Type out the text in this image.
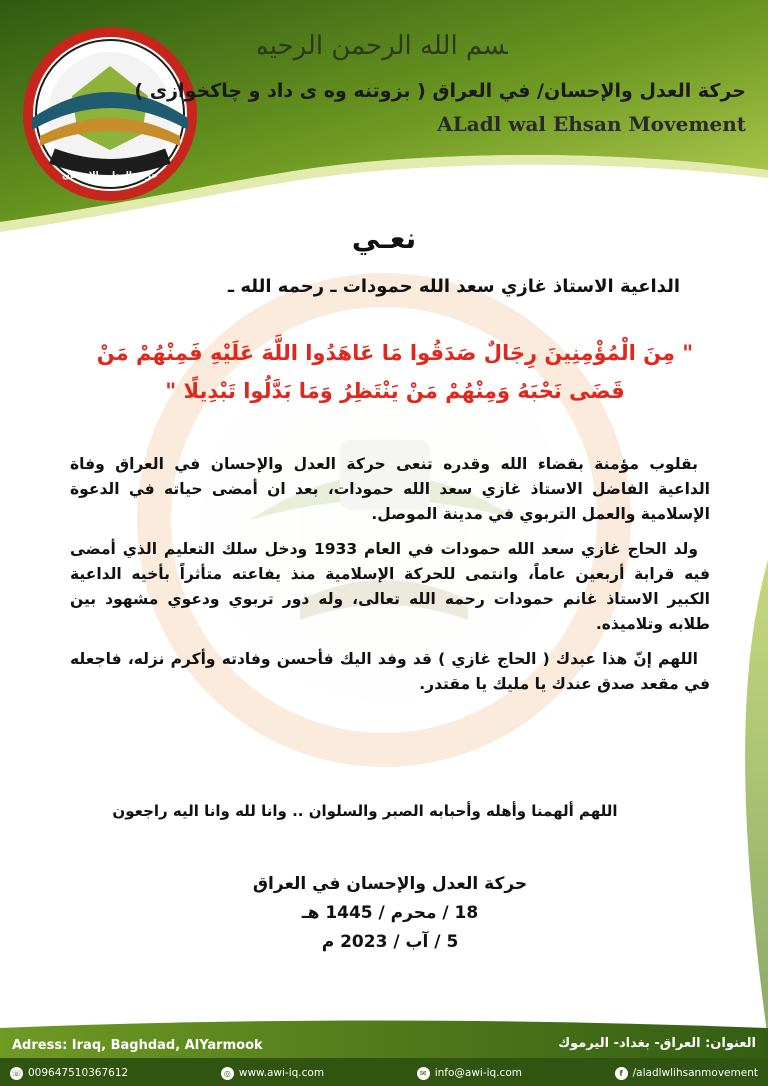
حركة العدل والإحسان
بسم الله الرحمن الرحيم
حركة العدل والإحسان/ في العراق ( بزوتنه وه ى داد و چاكخوازى )
ALadl wal Ehsan Movement
نعـي
الداعية الاستاذ غازي سعد الله حمودات ـ رحمه الله ـ
" مِنَ الْمُؤْمِنِينَ رِجَالٌ صَدَقُوا مَا عَاهَدُوا اللَّهَ عَلَيْهِ فَمِنْهُمْ مَنْ قَضَى نَحْبَهُ وَمِنْهُمْ مَنْ يَنْتَظِرُ وَمَا بَدَّلُوا تَبْدِيلًا "

بقلوب مؤمنة بقضاء الله وقدره تنعى حركة العدل والإحسان في العراق وفاة الداعية الفاضل الاستاذ غازي سعد الله حمودات، بعد ان أمضى حياته في الدعوة الإسلامية والعمل التربوي في مدينة الموصل.

ولد الحاج غازي سعد الله حمودات في العام 1933 ودخل سلك التعليم الذي أمضى فيه قرابة أربعين عاماً، وانتمى للحركة الإسلامية منذ يفاعته متأثراً بأخيه الداعية الكبير الاستاذ غانم حمودات رحمه الله تعالى، وله دور تربوي ودعوي مشهود بين طلابه وتلاميذه.

اللهم إنّ هذا عبدك ( الحاج غازي ) قد وفد اليك فأحسن وفادته وأكرم نزله، فاجعله في مقعد صدق عندك يا مليك يا مقتدر.

اللهم ألهمنا وأهله وأحبابه الصبر والسلوان .. وانا لله وانا اليه راجعون
حركة العدل والإحسان في العراق
18 / محرم / 1445 هـ
5 / آب / 2023 م
Adress: Iraq, Baghdad, AlYarmook	العنوان: العراق- بغداد- اليرموك
☏ 009647510367612	◎ www.awi-iq.com	✉ info@awi-iq.com	f /aladlwlihsanmovement
